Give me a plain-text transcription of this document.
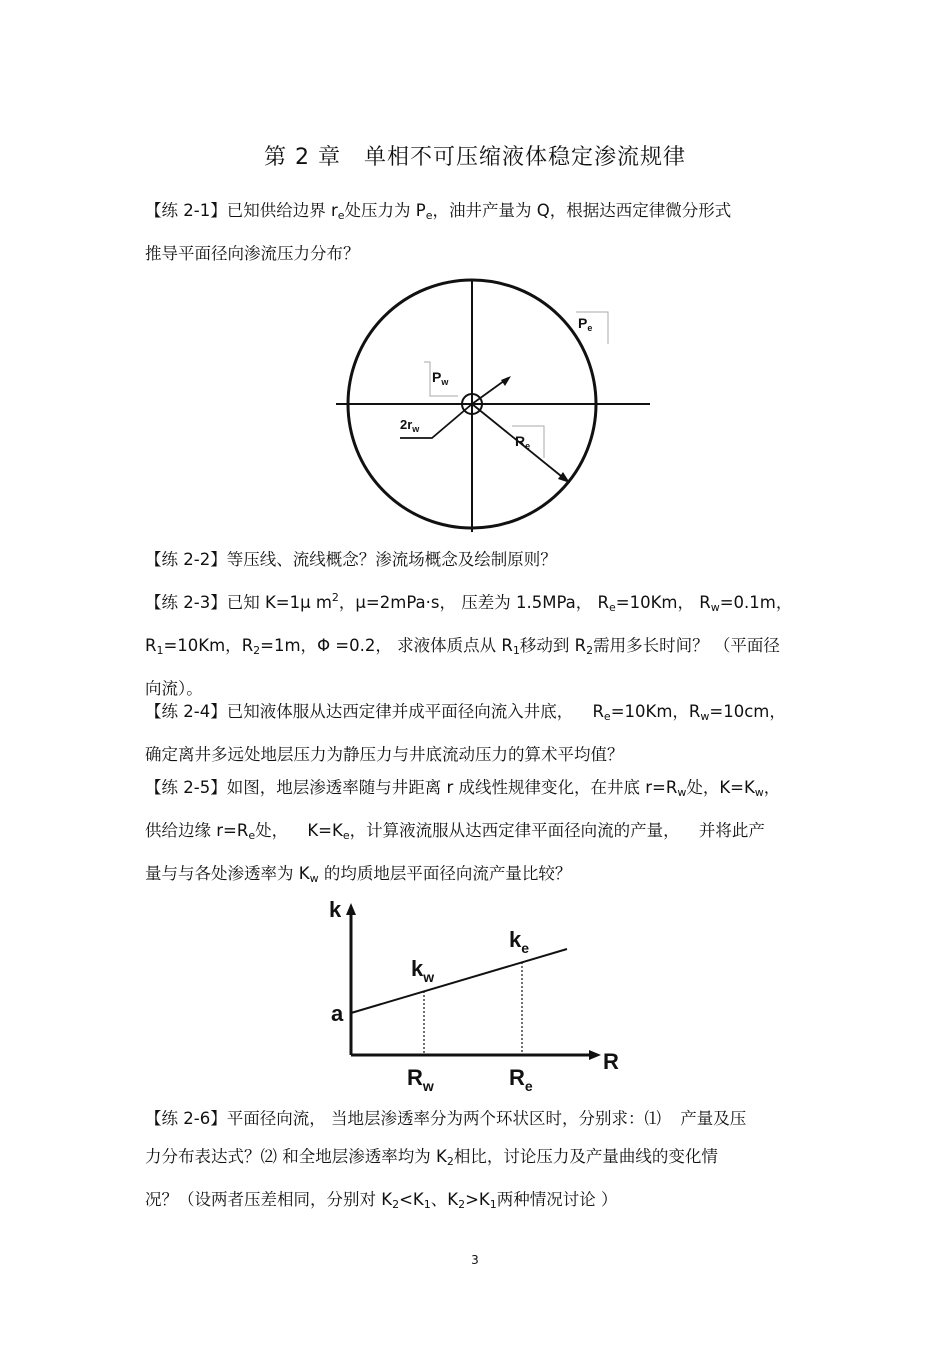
第 2 章　单相不可压缩液体稳定渗流规律

【练 2-1】已知供给边界 $r_e$处压力为 $P_e$，油井产量为 Q，根据达西定律微分形式
推导平面径向渗流压力分布？

$P_e$
$P_w$
$2r_w$
$R_e$

【练 2-2】等压线、流线概念？渗流场概念及绘制原则？

【练 2-3】已知 K=1μ $m^2$，μ=2mPa·s， 压差为 1.5MPa， $R_e=10Km$， $R_w=0.1m$，
$R_1=10Km$，$R_2=1m$，Φ =0.2， 求液体质点从 $R_1$移动到 $R_2$需用多长时间？ （平面径
向流）。

【练 2-4】已知液体服从达西定律并成平面径向流入井底， $R_e=10Km$，$R_w=10cm$，
确定离井多远处地层压力为静压力与井底流动压力的算术平均值？

【练 2-5】如图，地层渗透率随与井距离 r 成线性规律变化，在井底 $r=R_w$处，$K=K_w$，
供给边缘 $r=R_e$处， $K=K_e$，计算液流服从达西定律平面径向流的产量， 并将此产
量与与各处渗透率为 $K_w$ 的均质地层平面径向流产量比较？

k
a
R
$k_w$
$k_e$
$R_w$	$R_e$

【练 2-6】平面径向流， 当地层渗透率分为两个环状区时，分别求：⑴ 产量及压
力分布表达式？⑵ 和全地层渗透率均为 $K_2$相比，讨论压力及产量曲线的变化情
况？（设两者压差相同，分别对 $K_2<K_1$、$K_2>K_1$两种情况讨论 ）

3
